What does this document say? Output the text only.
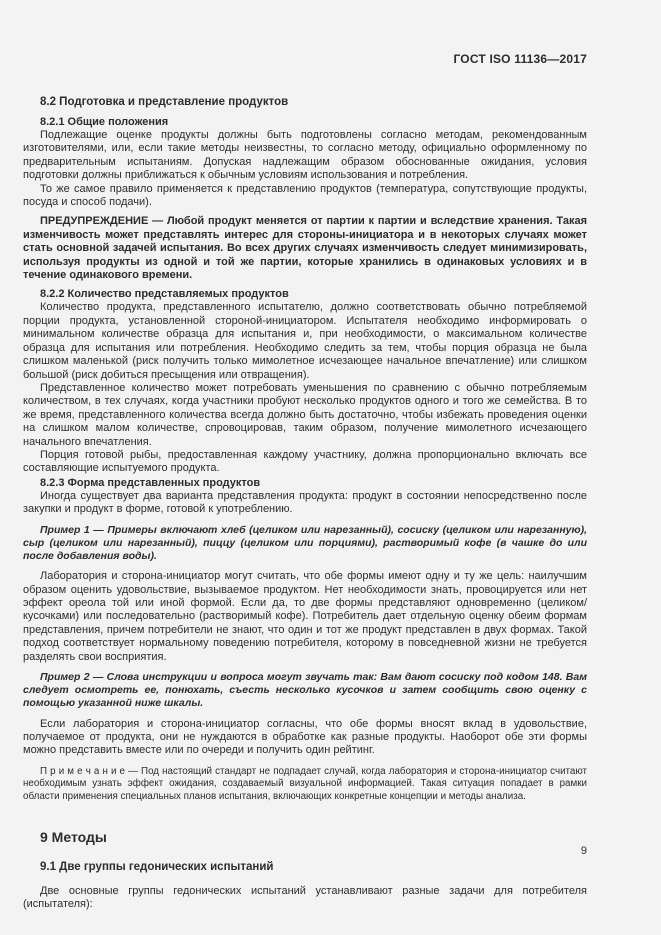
ГОСТ ISO 11136—2017
8.2 Подготовка и представление продуктов
8.2.1 Общие положения

Подлежащие оценке продукты должны быть подготовлены согласно методам, рекомендованным изготовителями, или, если такие методы неизвестны, то согласно методу, официально оформленному по предварительным испытаниям. Допуская надлежащим образом обоснованные ожидания, условия подготовки должны приближаться к обычным условиям использования и потребления.

То же самое правило применяется к представлению продуктов (температура, сопутствующие продукты, посуда и способ подачи).

ПРЕДУПРЕЖДЕНИЕ — Любой продукт меняется от партии к партии и вследствие хранения. Такая изменчивость может представлять интерес для стороны-инициатора и в некоторых случаях может стать основной задачей испытания. Во всех других случаях изменчивость следует минимизировать, используя продукты из одной и той же партии, которые хранились в одинаковых условиях и в течение одинакового времени.

8.2.2 Количество представляемых продуктов

Количество продукта, представленного испытателю, должно соответствовать обычно потребляемой порции продукта, установленной стороной-инициатором. Испытателя необходимо информировать о минимальном количестве образца для испытания и, при необходимости, о максимальном количестве образца для испытания или потребления. Необходимо следить за тем, чтобы порция образца не была слишком маленькой (риск получить только мимолетное исчезающее начальное впечатление) или слишком большой (риск добиться пресыщения или отвращения).

Представленное количество может потребовать уменьшения по сравнению с обычно потребляемым количеством, в тех случаях, когда участники пробуют несколько продуктов одного и того же семейства. В то же время, представленного количества всегда должно быть достаточно, чтобы избежать проведения оценки на слишком малом количестве, спровоцировав, таким образом, получение мимолетного исчезающего начального впечатления.

Порция готовой рыбы, предоставленная каждому участнику, должна пропорционально включать все составляющие испытуемого продукта.

8.2.3 Форма представленных продуктов

Иногда существует два варианта представления продукта: продукт в состоянии непосредственно после закупки и продукт в форме, готовой к употреблению.

Пример 1 — Примеры включают хлеб (целиком или нарезанный), сосиску (целиком или нарезанную), сыр (целиком или нарезанный), пиццу (целиком или порциями), растворимый кофе (в чашке до или после добавления воды).

Лаборатория и сторона-инициатор могут считать, что обе формы имеют одну и ту же цель: наилучшим образом оценить удовольствие, вызываемое продуктом. Нет необходимости знать, провоцируется или нет эффект ореола той или иной формой. Если да, то две формы представляют одновременно (целиком/кусочками) или последовательно (растворимый кофе). Потребитель дает отдельную оценку обеим формам представления, причем потребители не знают, что один и тот же продукт представлен в двух формах. Такой подход соответствует нормальному поведению потребителя, которому в повседневной жизни не требуется разделять свои восприятия.

Пример 2 — Слова инструкции и вопроса могут звучать так: Вам дают сосиску под кодом 148. Вам следует осмотреть ее, понюхать, съесть несколько кусочков и затем сообщить свою оценку с помощью указанной ниже шкалы.

Если лаборатория и сторона-инициатор согласны, что обе формы вносят вклад в удовольствие, получаемое от продукта, они не нуждаются в обработке как разные продукты. Наоборот обе эти формы можно представить вместе или по очереди и получить один рейтинг.

П р и м е ч а н и е — Под настоящий стандарт не подпадает случай, когда лаборатория и сторона-инициатор считают необходимым узнать эффект ожидания, создаваемый визуальной информацией. Такая ситуация попадает в рамки области применения специальных планов испытания, включающих конкретные концепции и методы анализа.

9 Методы
9.1 Две группы гедонических испытаний

Две основные группы гедонических испытаний устанавливают разные задачи для потребителя (испытателя):

9
